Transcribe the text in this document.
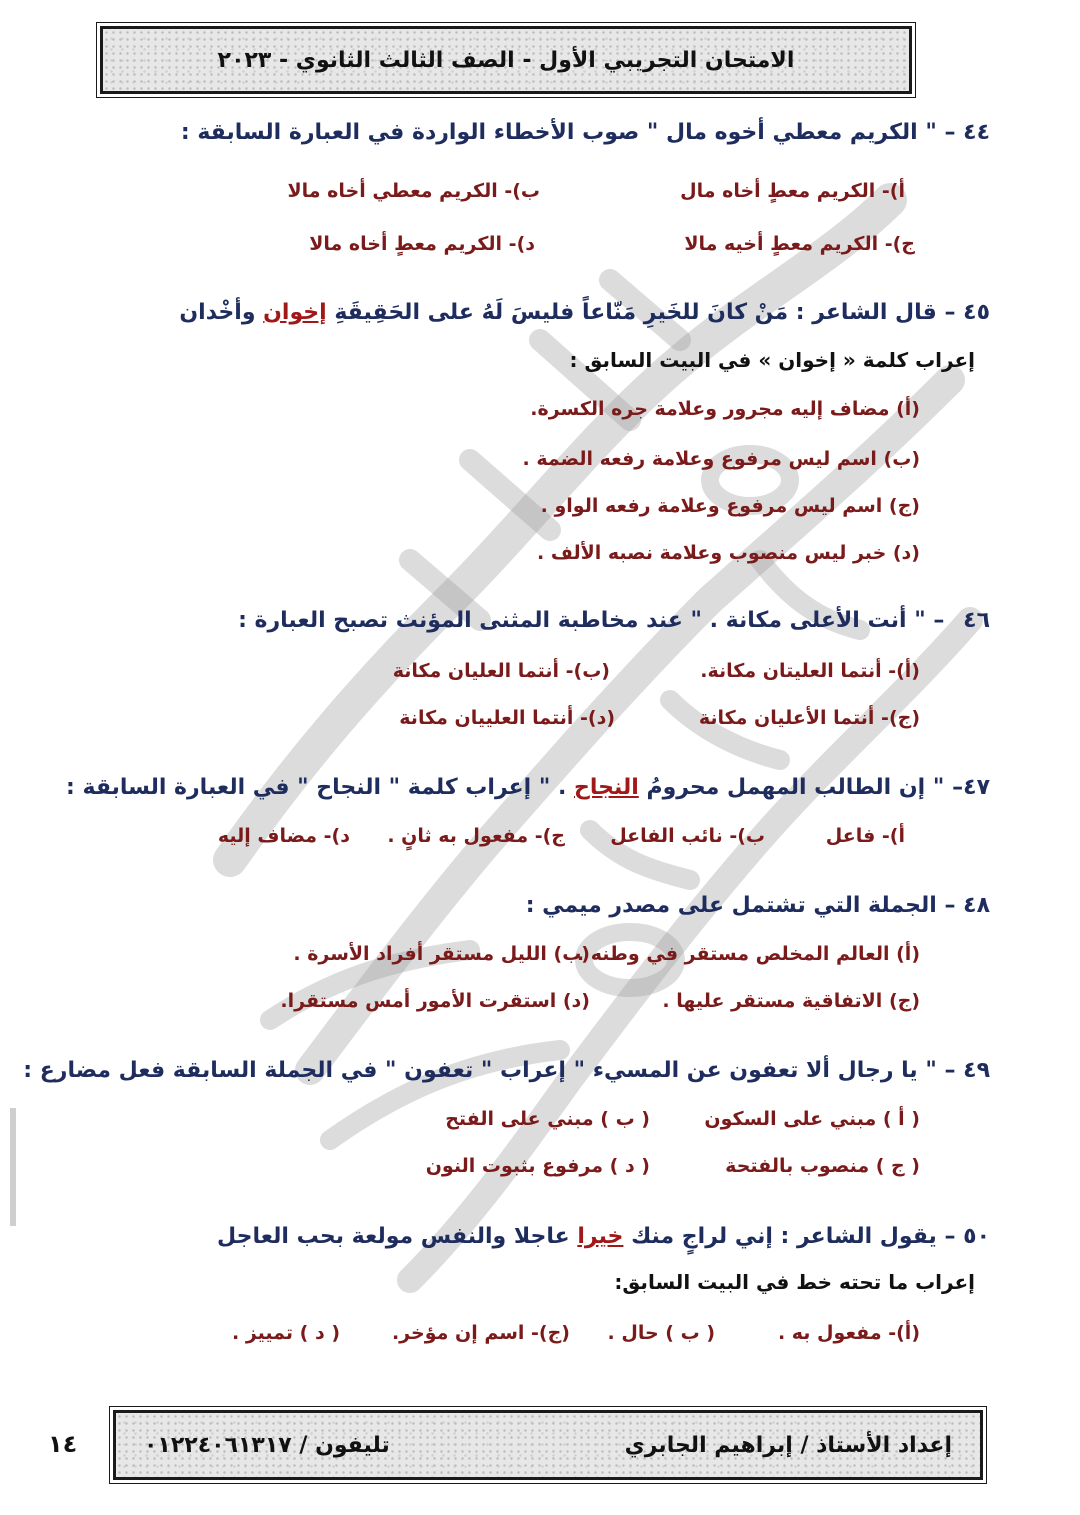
الامتحان التجريبي الأول - الصف الثالث الثانوي - ٢٠٢٣
٤٤ – " الكريم معطي أخوه مال " صوب الأخطاء الواردة في العبارة السابقة :
أ)- الكريم معطٍ أخاه مال
ب)- الكريم معطي أخاه مالا
ج)- الكريم معطٍ أخيه مالا
د)- الكريم معطٍ أخاه مالا
٤٥ – قال الشاعر : مَنْ كانَ للخَيرِ مَنّاعاً فليسَ لَهُ على الحَقِيقَةِ إخوان وأخْدان
إعراب كلمة « إخوان » في البيت السابق :
(أ) مضاف إليه مجرور وعلامة جره الكسرة.
(ب) اسم ليس مرفوع وعلامة رفعه الضمة .
(ج) اسم ليس مرفوع وعلامة رفعه الواو .
(د) خبر ليس منصوب وعلامة نصبه الألف .
٤٦ – " أنت الأعلى مكانة . " عند مخاطبة المثنى المؤنث تصبح العبارة :
(أ)- أنتما العليتان مكانة.
(ب)- أنتما العليان مكانة
(ج)- أنتما الأعليان مكانة
(د)- أنتما العلييان مكانة
٤٧– " إن الطالب المهمل محرومُ النجاح . " إعراب كلمة " النجاح " في العبارة السابقة :
أ)- فاعل
ب)- نائب الفاعل
ج)- مفعول به ثانٍ .
د)- مضاف إليه
٤٨ – الجملة التي تشتمل على مصدر ميمي :
(أ) العالم المخلص مستقر في وطنه .
(ب) الليل مستقر أفراد الأسرة .
(ج) الاتفاقية مستقر عليها .
(د) استقرت الأمور أمس مستقرا.
٤٩ – " يا رجال ألا تعفون عن المسيء " إعراب " تعفون " في الجملة السابقة فعل مضارع :
( أ ) مبني على السكون
( ب ) مبني على الفتح
( ج ) منصوب بالفتحة
( د ) مرفوع بثبوت النون
٥٠ – يقول الشاعر : إني لراجٍ منك خيرا عاجلا والنفس مولعة بحب العاجل
إعراب ما تحته خط في البيت السابق:
(أ)- مفعول به .
( ب ) حال .
(ج)- اسم إن مؤخر.
( د ) تمييز .
إعداد الأستاذ / إبراهيم الجابري
تليفون / ٠١٢٢٤٠٦١٣١٧
١٤
